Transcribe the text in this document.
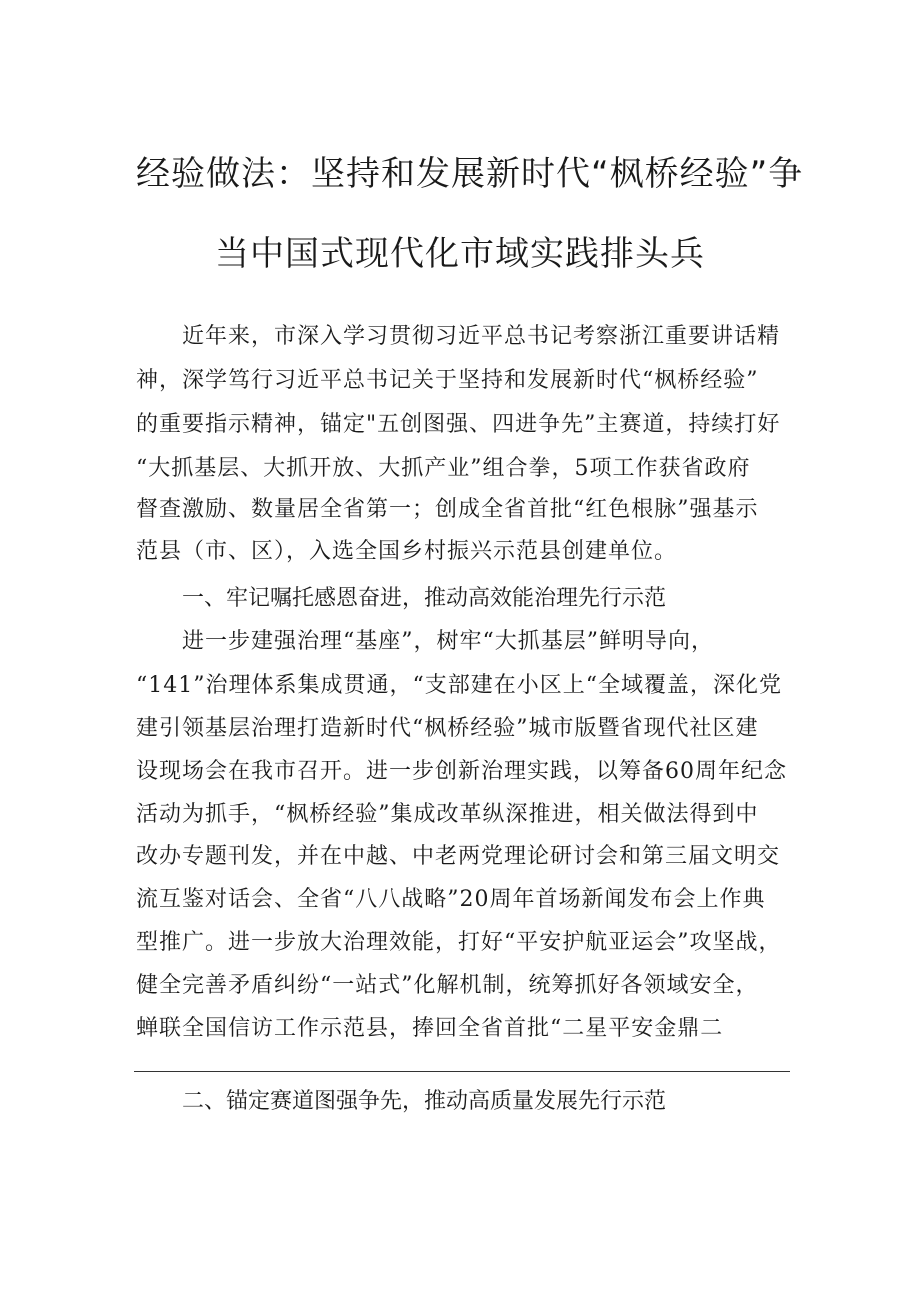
经验做法：坚持和发展新时代“枫桥经验”争
当中国式现代化市域实践排头兵
近年来，市深入学习贯彻习近平总书记考察浙江重要讲话精
神，深学笃行习近平总书记关于坚持和发展新时代“枫桥经验”
的重要指示精神，锚定"五创图强、四进争先”主赛道，持续打好
“大抓基层、大抓开放、大抓产业”组合拳，5项工作获省政府
督查激励、数量居全省第一；创成全省首批“红色根脉”强基示
范县（市、区），入选全国乡村振兴示范县创建单位。
一、牢记嘱托感恩奋进，推动高效能治理先行示范
进一步建强治理“基座”，树牢“大抓基层”鲜明导向，
“141”治理体系集成贯通，“支部建在小区上“全域覆盖，深化党
建引领基层治理打造新时代“枫桥经验”城市版暨省现代社区建
设现场会在我市召开。进一步创新治理实践，以筹备60周年纪念
活动为抓手，“枫桥经验”集成改革纵深推进，相关做法得到中
改办专题刊发，并在中越、中老两党理论研讨会和第三届文明交
流互鉴对话会、全省“八八战略”20周年首场新闻发布会上作典
型推广。进一步放大治理效能，打好“平安护航亚运会”攻坚战，
健全完善矛盾纠纷“一站式”化解机制，统筹抓好各领域安全，
蝉联全国信访工作示范县，捧回全省首批“二星平安金鼎二
二、锚定赛道图强争先，推动高质量发展先行示范
